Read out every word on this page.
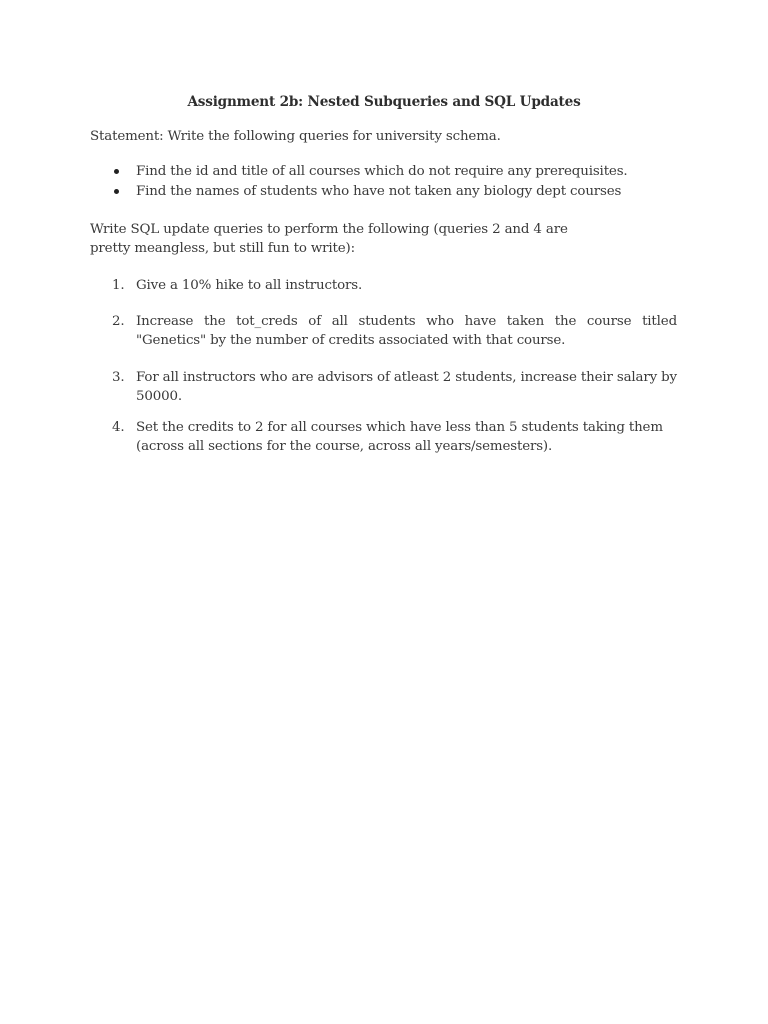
Assignment 2b: Nested Subqueries and SQL Updates
Statement: Write the following queries for university schema.
Find the id and title of all courses which do not require any prerequisites.
Find the names of students who have not taken any biology dept courses
Write SQL update queries to perform the following (queries 2 and 4 are pretty meangless, but still fun to write):
1. Give a 10% hike to all instructors.
2. Increase the tot_creds of all students who have taken the course titled "Genetics" by the number of credits associated with that course.
3. For all instructors who are advisors of atleast 2 students, increase their salary by 50000.
4. Set the credits to 2 for all courses which have less than 5 students taking them (across all sections for the course, across all years/semesters).
